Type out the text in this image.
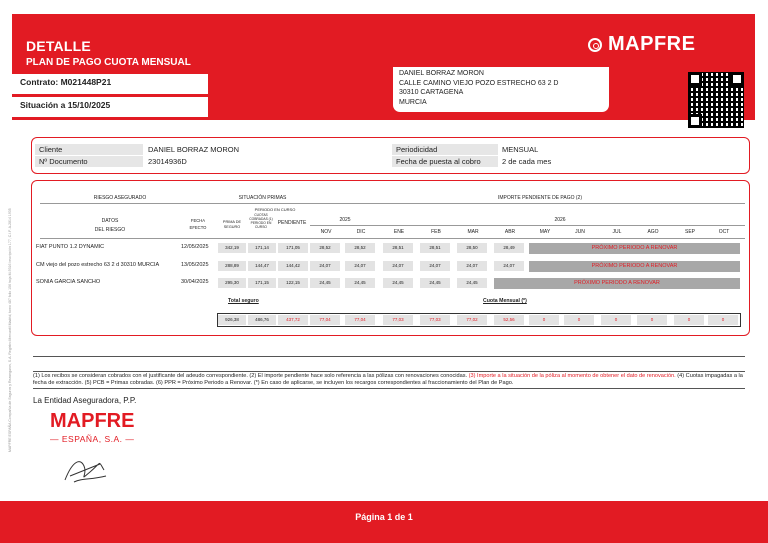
DETALLE
PLAN DE PAGO CUOTA MENSUAL
MAPFRE
Contrato: M021448P21
Situación a 15/10/2025
DANIEL BORRAZ MORON
CALLE CAMINO VIEJO POZO ESTRECHO 63 2 D
30310 CARTAGENA
MURCIA
Cliente	DANIEL BORRAZ MORON
Nº Documento	23014936D
Periodicidad	MENSUAL
Fecha de puesta al cobro	2 de cada mes
RIESGO ASEGURADO	SITUACIÓN PRIMAS	IMPORTE PENDIENTE DE PAGO (2)
PERIODO EN CURSO
DATOS
DEL RIESGO
FECHA
EFECTO
PRIMA DE SEGURO
CUOTAS COBRADAS (1) PERIODO EN CURSO
PENDIENTE	2025	2026
NOV	DIC	ENE	FEB	MAR	ABR	MAY	JUN	JUL	AGO	SEP	OCT
FIAT PUNTO 1.2 DYNAMIC	12/05/2025	342,19	171,14	171,05	28,52	28,52	28,51	28,51	28,50	28,49	PRÓXIMO PERIODO A RENOVAR
CM viejo del pozo estrecho 63 2 d 30310 MURCIA	13/05/2025	288,89	144,47	144,42	24,07	24,07	24,07	24,07	24,07	24,07	PRÓXIMO PERIODO A RENOVAR
SONIA GARCIA SANCHO	30/04/2025	295,30	171,15	122,15	24,45	24,45	24,45	24,45	24,45	PRÓXIMO PERIODO A RENOVAR
Total seguro	Cuota Mensual (*)
926,38	486,76	437,72	77,04	77,04	77,03	77,03	77,02	52,56	0	0	0	0	0	0
(1) Los recibos se consideran cobrados con el justificante del adeudo correspondiente. (2) El importe pendiente hace solo referencia a las pólizas con renovaciones conocidas. (3) Importe a la situación de la póliza al momento de obtener el dato de renovación. (4) Cuotas impagadas a la fecha de extracción. (5) PCB = Primas cobradas. (6) PPR = Próximo Periodo a Renovar. (*) En caso de aplicarse, se incluyen los recargos correspondientes al fraccionamiento del Plan de Pago.
La Entidad Aseguradora, P.P.
MAPFRE
— ESPAÑA, S.A. —
MAPFRE ESPAÑA Compañía de Seguros y Reaseguros, S.A. Registro Mercantil Madrid, tomo 487 folio 156 hoja M-9316 inscripción 177, C.I.F. A-2814 1935
Página 1 de 1
